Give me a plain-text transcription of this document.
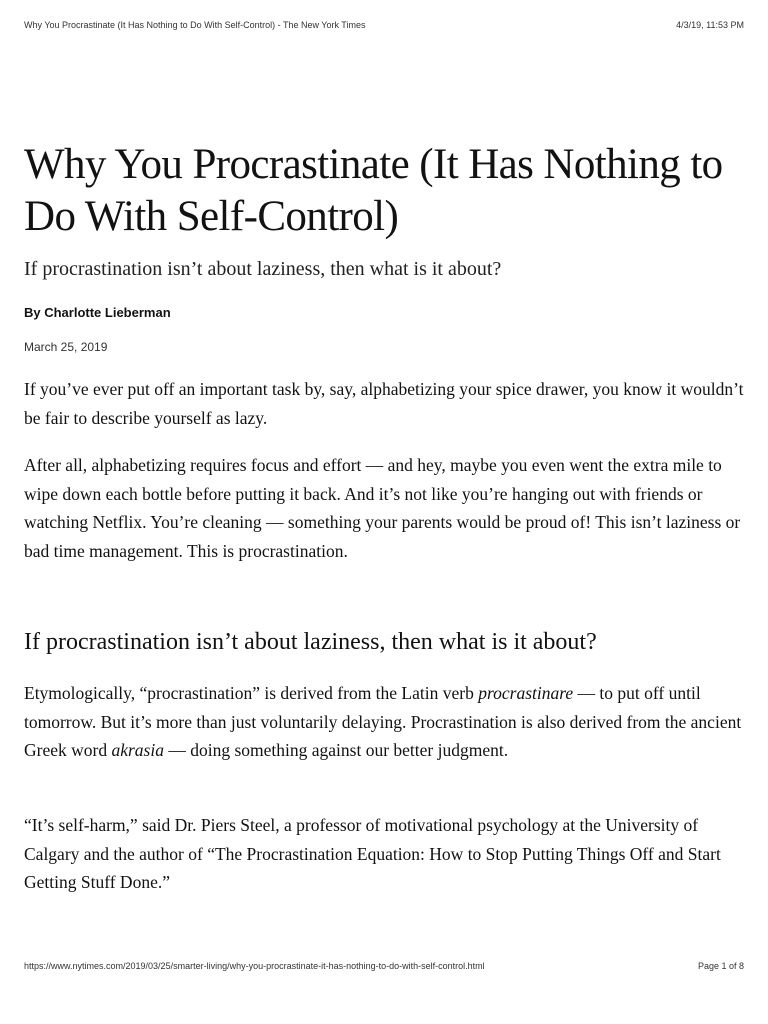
Why You Procrastinate (It Has Nothing to Do With Self-Control) - The New York Times	4/3/19, 11:53 PM
Why You Procrastinate (It Has Nothing to Do With Self-Control)

If procrastination isn’t about laziness, then what is it about?

By Charlotte Lieberman

March 25, 2019

If you’ve ever put off an important task by, say, alphabetizing your spice drawer, you know it wouldn’t be fair to describe yourself as lazy.

After all, alphabetizing requires focus and effort — and hey, maybe you even went the extra mile to wipe down each bottle before putting it back. And it’s not like you’re hanging out with friends or watching Netflix. You’re cleaning — something your parents would be proud of! This isn’t laziness or bad time management. This is procrastination.

If procrastination isn’t about laziness, then what is it about?

Etymologically, “procrastination” is derived from the Latin verb procrastinare — to put off until tomorrow. But it’s more than just voluntarily delaying. Procrastination is also derived from the ancient Greek word akrasia — doing something against our better judgment.

“It’s self-harm,” said Dr. Piers Steel, a professor of motivational psychology at the University of Calgary and the author of “The Procrastination Equation: How to Stop Putting Things Off and Start Getting Stuff Done.”

https://www.nytimes.com/2019/03/25/smarter-living/why-you-procrastinate-it-has-nothing-to-do-with-self-control.html	Page 1 of 8
